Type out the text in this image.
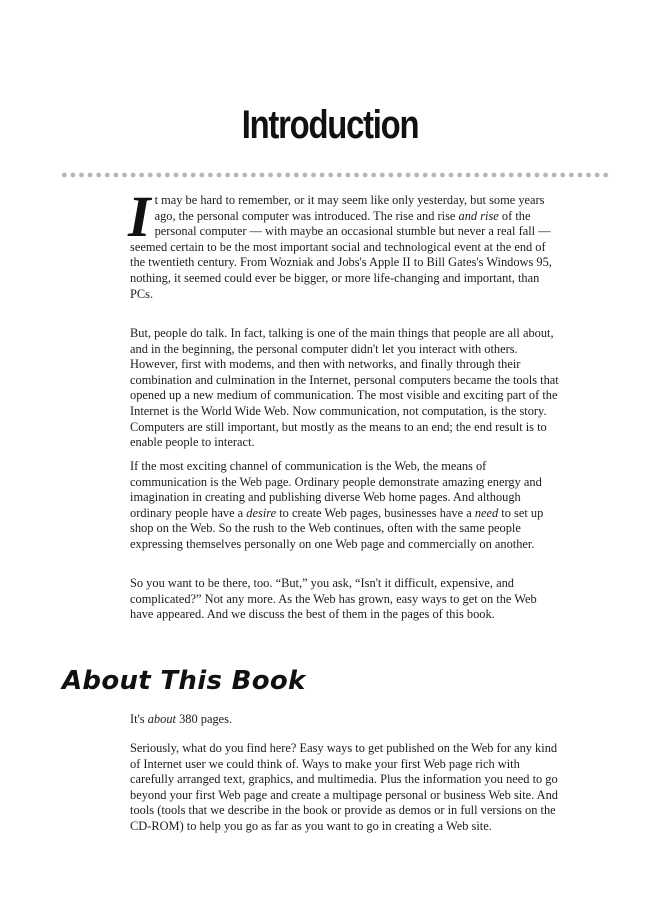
Introduction

It may be hard to remember, or it may seem like only yesterday, but some years ago, the personal computer was introduced. The rise and rise and rise of the personal computer — with maybe an occasional stumble but never a real fall — seemed certain to be the most important social and technological event at the end of the twentieth century. From Wozniak and Jobs's Apple II to Bill Gates's Windows 95, nothing, it seemed could ever be bigger, or more life-changing and important, than PCs.

But, people do talk. In fact, talking is one of the main things that people are all about, and in the beginning, the personal computer didn't let you interact with others. However, first with modems, and then with networks, and finally through their combination and culmination in the Internet, personal computers became the tools that opened up a new medium of communication. The most visible and exciting part of the Internet is the World Wide Web. Now communication, not computation, is the story. Computers are still important, but mostly as the means to an end; the end result is to enable people to interact.

If the most exciting channel of communication is the Web, the means of communication is the Web page. Ordinary people demonstrate amazing energy and imagination in creating and publishing diverse Web home pages. And although ordinary people have a desire to create Web pages, businesses have a need to set up shop on the Web. So the rush to the Web continues, often with the same people expressing themselves personally on one Web page and commercially on another.

So you want to be there, too. “But,” you ask, “Isn't it difficult, expensive, and complicated?” Not any more. As the Web has grown, easy ways to get on the Web have appeared. And we discuss the best of them in the pages of this book.

About This Book

It's about 380 pages.

Seriously, what do you find here? Easy ways to get published on the Web for any kind of Internet user we could think of. Ways to make your first Web page rich with carefully arranged text, graphics, and multimedia. Plus the information you need to go beyond your first Web page and create a multipage personal or business Web site. And tools (tools that we describe in the book or provide as demos or in full versions on the CD-ROM) to help you go as far as you want to go in creating a Web site.
